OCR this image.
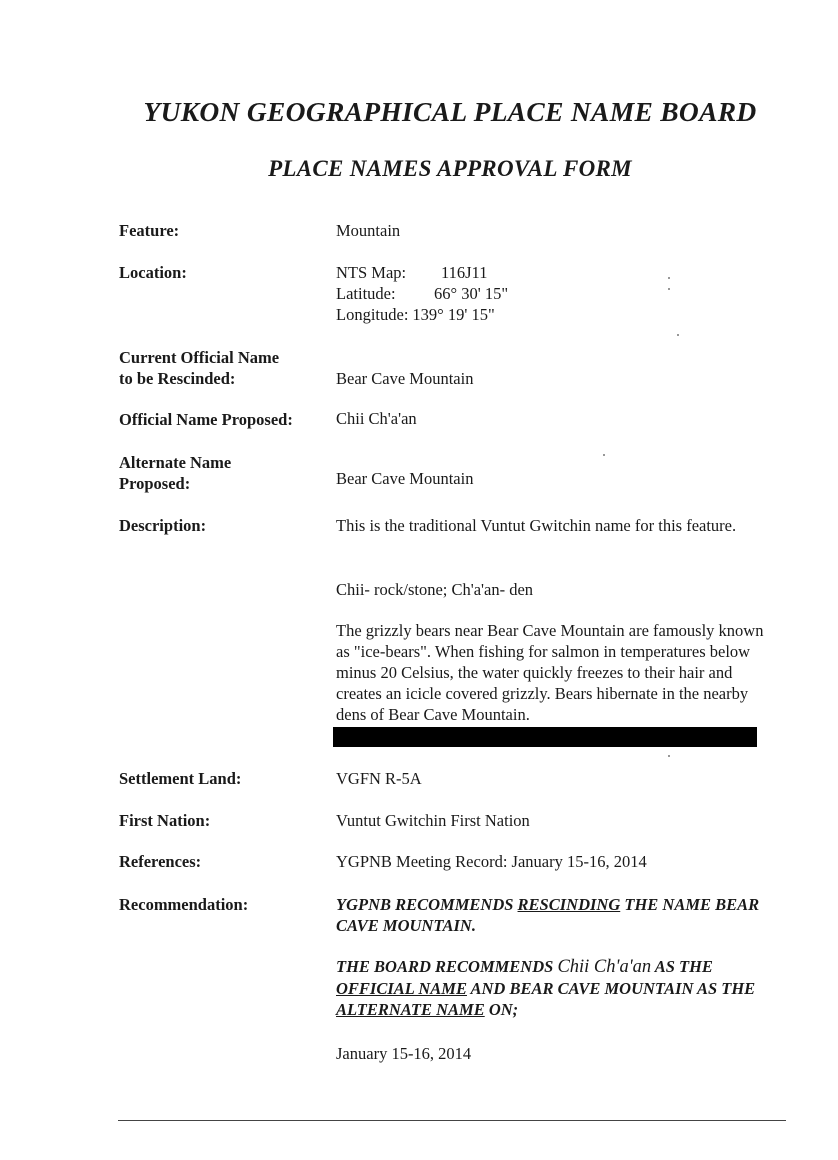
YUKON GEOGRAPHICAL PLACE NAME BOARD
PLACE NAMES APPROVAL FORM
Feature:	Mountain
Location:	NTS Map:	116J11
Latitude:	66° 30' 15"
Longitude: 139° 19' 15"
Current Official Name
to be Rescinded:	Bear Cave Mountain
Official Name Proposed:	Chii Ch'a'an
Alternate Name
Proposed:	Bear Cave Mountain
Description:	This is the traditional Vuntut Gwitchin name for this feature.
Chii- rock/stone; Ch'a'an- den
The grizzly bears near Bear Cave Mountain are famously known as "ice-bears". When fishing for salmon in temperatures below minus 20 Celsius, the water quickly freezes to their hair and creates an icicle covered grizzly. Bears hibernate in the nearby dens of Bear Cave Mountain.
Settlement Land:	VGFN R-5A
First Nation:	Vuntut Gwitchin First Nation
References:	YGPNB Meeting Record: January 15-16, 2014
Recommendation:	YGPNB RECOMMENDS RESCINDING THE NAME BEAR CAVE MOUNTAIN.
THE BOARD RECOMMENDS Chii Ch'a'an AS THE OFFICIAL NAME AND BEAR CAVE MOUNTAIN AS THE ALTERNATE NAME ON;
January 15-16, 2014
